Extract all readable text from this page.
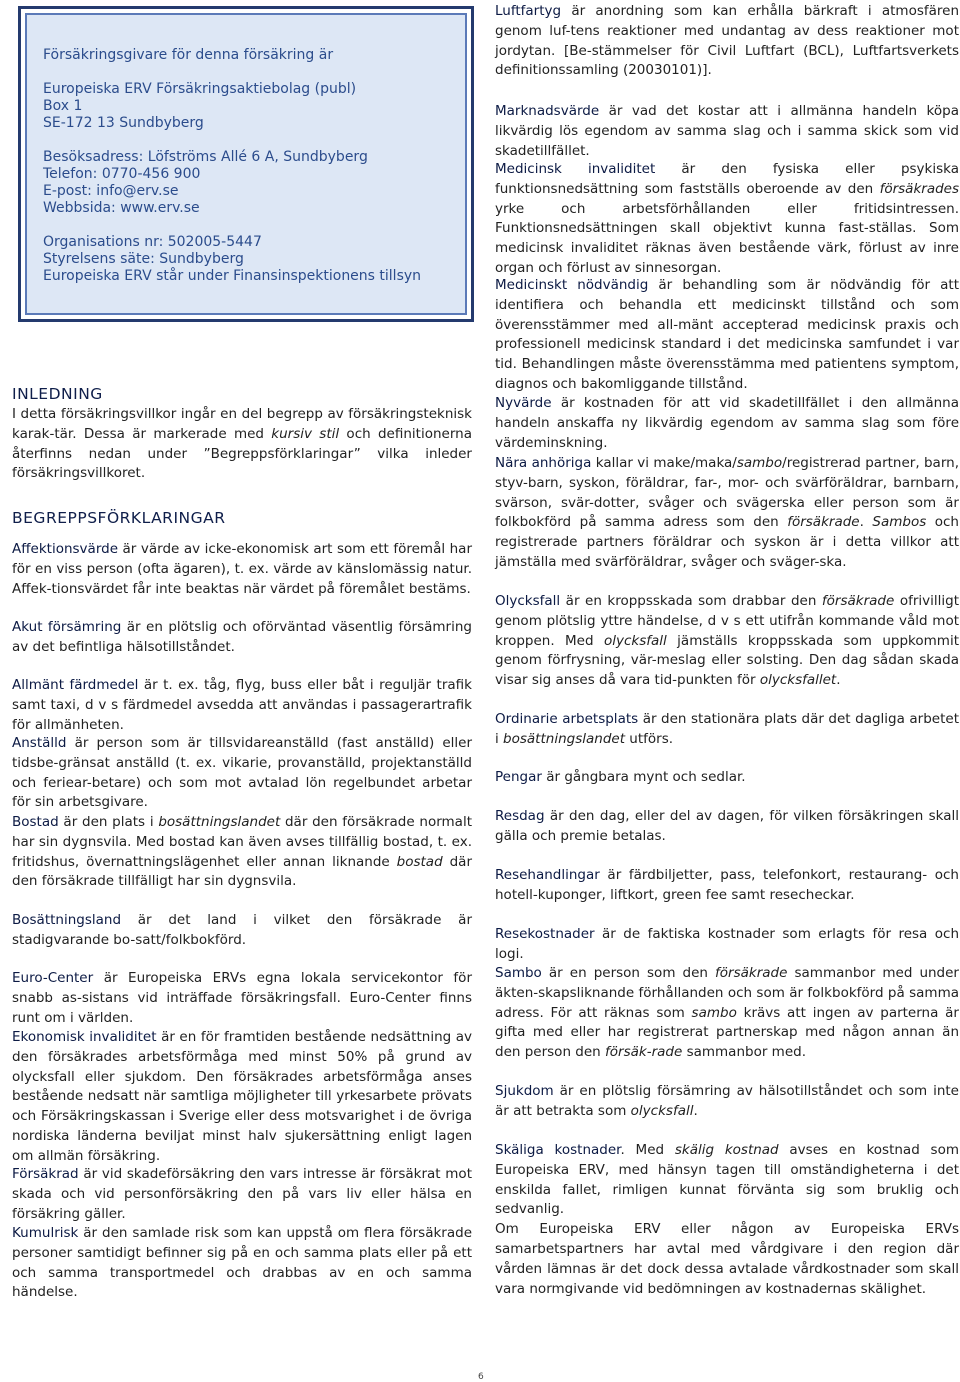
Försäkringsgivare för denna försäkring är
Europeiska ERV Försäkringsaktiebolag (publ)
Box 1
SE-172 13 Sundbyberg
Besöksadress: Löfströms Allé 6 A, Sundbyberg
Telefon: 0770-456 900
E-post: info@erv.se
Webbsida: www.erv.se
Organisations nr: 502005-5447
Styrelsens säte: Sundbyberg
Europeiska ERV står under Finansinspektionens tillsyn
INLEDNING

I detta försäkringsvillkor ingår en del begrepp av försäkringsteknisk karak-tär. Dessa är markerade med kursiv stil och definitionerna återfinns nedan under ”Begreppsförklaringar” vilka inleder försäkringsvillkoret.

BEGREPPSFÖRKLARINGAR

Affektionsvärde är värde av icke-ekonomisk art som ett föremål har för en viss person (ofta ägaren), t. ex. värde av känslomässig natur. Affek-tionsvärdet får inte beaktas när värdet på föremålet bestäms.

Akut försämring är en plötslig och oförväntad väsentlig försämring av det befintliga hälsotillståndet.

Allmänt färdmedel är t. ex. tåg, flyg, buss eller båt i reguljär trafik samt taxi, d v s färdmedel avsedda att användas i passagerartrafik för allmänheten.

Anställd är person som är tillsvidareanställd (fast anställd) eller tidsbe-gränsat anställd (t. ex. vikarie, provanställd, projektanställd och feriear-betare) och som mot avtalad lön regelbundet arbetar för sin arbetsgivare.

Bostad är den plats i bosättningslandet där den försäkrade normalt har sin dygnsvila. Med bostad kan även avses tillfällig bostad, t. ex. fritidshus, övernattningslägenhet eller annan liknande bostad där den försäkrade tillfälligt har sin dygnsvila.

Bosättningsland är det land i vilket den försäkrade är stadigvarande bo-satt/folkbokförd.

Euro-Center är Europeiska ERVs egna lokala servicekontor för snabb as-sistans vid inträffade försäkringsfall. Euro-Center finns runt om i världen.

Ekonomisk invaliditet är en för framtiden bestående nedsättning av den försäkrades arbetsförmåga med minst 50% på grund av olycksfall eller sjukdom. Den försäkrades arbetsförmåga anses bestående nedsatt när samtliga möjligheter till yrkesarbete prövats och Försäkringskassan i Sverige eller dess motsvarighet i de övriga nordiska länderna beviljat minst halv sjukersättning enligt lagen om allmän försäkring.

Försäkrad är vid skadeförsäkring den vars intresse är försäkrat mot skada och vid personförsäkring den på vars liv eller hälsa en försäkring gäller.

Kumulrisk är den samlade risk som kan uppstå om flera försäkrade personer samtidigt befinner sig på en och samma plats eller på ett och samma transportmedel och drabbas av en och samma händelse.

Luftfartyg är anordning som kan erhålla bärkraft i atmosfären genom luf-tens reaktioner med undantag av dess reaktioner mot jordytan. [Be-stämmelser för Civil Luftfart (BCL), Luftfartsverkets definitionssamling (20030101)].

Marknadsvärde är vad det kostar att i allmänna handeln köpa likvärdig lös egendom av samma slag och i samma skick som vid skadetillfället.

Medicinsk invaliditet är den fysiska eller psykiska funktionsnedsättning som fastställs oberoende av den försäkrades yrke och arbetsförhållanden eller fritidsintressen. Funktionsnedsättningen skall objektivt kunna fast-ställas. Som medicinsk invaliditet räknas även bestående värk, förlust av inre organ och förlust av sinnesorgan.

Medicinskt nödvändig är behandling som är nödvändig för att identifiera och behandla ett medicinskt tillstånd och som överensstämmer med all-mänt accepterad medicinsk praxis och professionell medicinsk standard i det medicinska samfundet i var tid. Behandlingen måste överensstämma med patientens symptom, diagnos och bakomliggande tillstånd.

Nyvärde är kostnaden för att vid skadetillfället i den allmänna handeln anskaffa ny likvärdig egendom av samma slag som före värdeminskning.

Nära anhöriga kallar vi make/maka/sambo/registrerad partner, barn, styv-barn, syskon, föräldrar, far-, mor- och svärföräldrar, barnbarn, svärson, svär-dotter, svåger och svägerska eller person som är folkbokförd på samma adress som den försäkrade. Sambos och registrerade partners föräldrar och syskon är i detta villkor att jämställa med svärföräldrar, svåger och sväger-ska.

Olycksfall är en kroppsskada som drabbar den försäkrade ofrivilligt genom plötslig yttre händelse, d v s ett utifrån kommande våld mot kroppen. Med olycksfall jämställs kroppsskada som uppkommit genom förfrysning, vär-meslag eller solsting. Den dag sådan skada visar sig anses då vara tid-punkten för olycksfallet.

Ordinarie arbetsplats är den stationära plats där det dagliga arbetet i bosättningslandet utförs.

Pengar är gångbara mynt och sedlar.

Resdag är den dag, eller del av dagen, för vilken försäkringen skall gälla och premie betalas.

Resehandlingar är färdbiljetter, pass, telefonkort, restaurang- och hotell-kuponger, liftkort, green fee samt resecheckar.

Resekostnader är de faktiska kostnader som erlagts för resa och logi.

Sambo är en person som den försäkrade sammanbor med under äkten-skapsliknande förhållanden och som är folkbokförd på samma adress. För att räknas som sambo krävs att ingen av parterna är gifta med eller har registrerat partnerskap med någon annan än den person den försäk-rade sammanbor med.

Sjukdom är en plötslig försämring av hälsotillståndet och som inte är att betrakta som olycksfall.

Skäliga kostnader. Med skälig kostnad avses en kostnad som Europeiska ERV, med hänsyn tagen till omständigheterna i det enskilda fallet, rimligen kunnat förvänta sig som bruklig och sedvanlig.

Om Europeiska ERV eller någon av Europeiska ERVs samarbetspartners har avtal med vårdgivare i den region där vården lämnas är det dock dessa avtalade vårdkostnader som skall vara normgivande vid bedömningen av kostnadernas skälighet.

6
